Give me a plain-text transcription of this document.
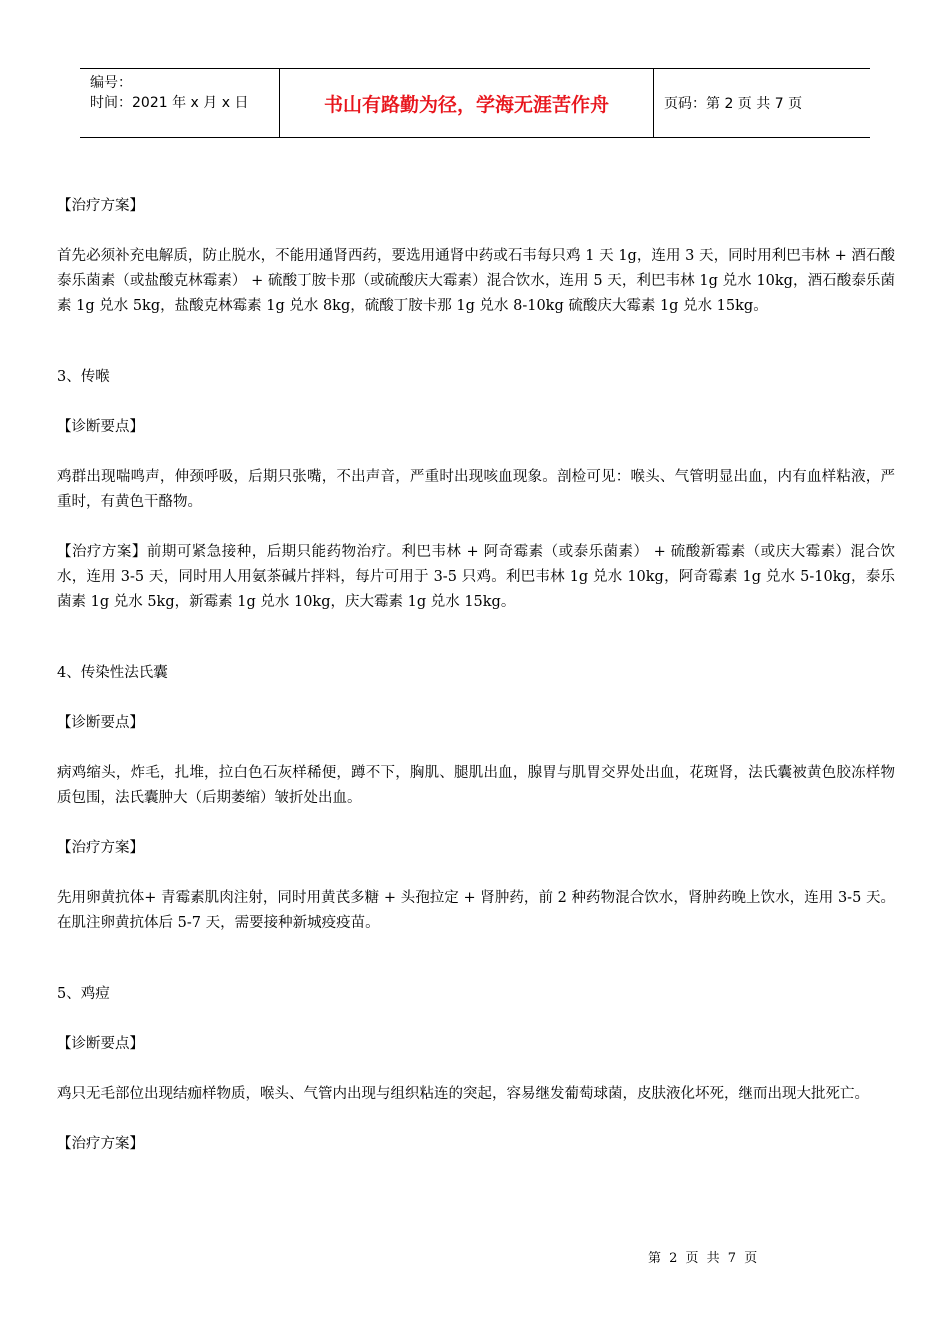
编号：
时间：2021 年 x 月 x 日	书山有路勤为径，学海无涯苦作舟	页码：第 2 页 共 7 页

【治疗方案】

首先必须补充电解质，防止脱水，不能用通肾西药，要选用通肾中药或石韦每只鸡 1 天 1g，连用 3 天，同时用利巴韦林 + 酒石酸泰乐菌素（或盐酸克林霉素） + 硫酸丁胺卡那（或硫酸庆大霉素）混合饮水，连用 5 天，利巴韦林 1g 兑水 10kg，酒石酸泰乐菌素 1g 兑水 5kg，盐酸克林霉素 1g 兑水 8kg，硫酸丁胺卡那 1g 兑水 8-10kg 硫酸庆大霉素 1g 兑水 15kg。

3、传喉

【诊断要点】

鸡群出现喘鸣声，伸颈呼吸，后期只张嘴，不出声音，严重时出现咳血现象。剖检可见：喉头、气管明显出血，内有血样粘液，严重时，有黄色干酪物。

【治疗方案】前期可紧急接种，后期只能药物治疗。利巴韦林 + 阿奇霉素（或泰乐菌素） + 硫酸新霉素（或庆大霉素）混合饮水，连用 3-5 天，同时用人用氨茶碱片拌料，每片可用于 3-5 只鸡。利巴韦林 1g 兑水 10kg，阿奇霉素 1g 兑水 5-10kg，泰乐菌素 1g 兑水 5kg，新霉素 1g 兑水 10kg，庆大霉素 1g 兑水 15kg。

4、传染性法氏囊

【诊断要点】

病鸡缩头，炸毛，扎堆，拉白色石灰样稀便，蹲不下，胸肌、腿肌出血，腺胃与肌胃交界处出血，花斑肾，法氏囊被黄色胶冻样物质包围，法氏囊肿大（后期萎缩）皱折处出血。

【治疗方案】

先用卵黄抗体+ 青霉素肌肉注射，同时用黄芪多糖 + 头孢拉定 + 肾肿药，前 2 种药物混合饮水，肾肿药晚上饮水，连用 3-5 天。在肌注卵黄抗体后 5-7 天，需要接种新城疫疫苗。

5、鸡痘

【诊断要点】

鸡只无毛部位出现结痂样物质，喉头、气管内出现与组织粘连的突起，容易继发葡萄球菌，皮肤液化坏死，继而出现大批死亡。

【治疗方案】

第 2 页 共 7 页
